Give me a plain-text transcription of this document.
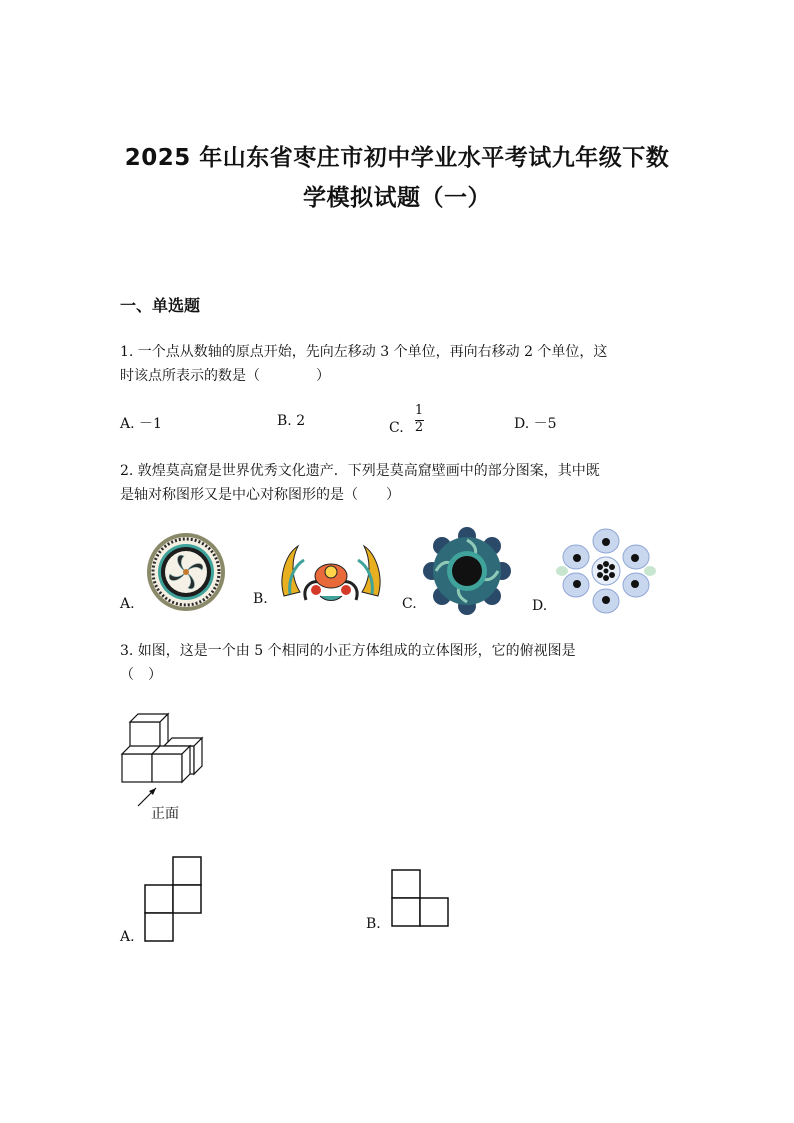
2025 年山东省枣庄市初中学业水平考试九年级下数
学模拟试题（一）
一、单选题
1. 一个点从数轴的原点开始，先向左移动 3 个单位，再向右移动 2 个单位，这
时该点所表示的数是（　　　　）
A. －1	B. 2	C.
1
2	D. －5
2. 敦煌莫高窟是世界优秀文化遗产．下列是莫高窟壁画中的部分图案，其中既
是轴对称图形又是中心对称图形的是（　　）
A.	B.	C.	D.
3. 如图，这是一个由 5 个相同的小正方体组成的立体图形，它的俯视图是
（　）
正面
A.
B.
